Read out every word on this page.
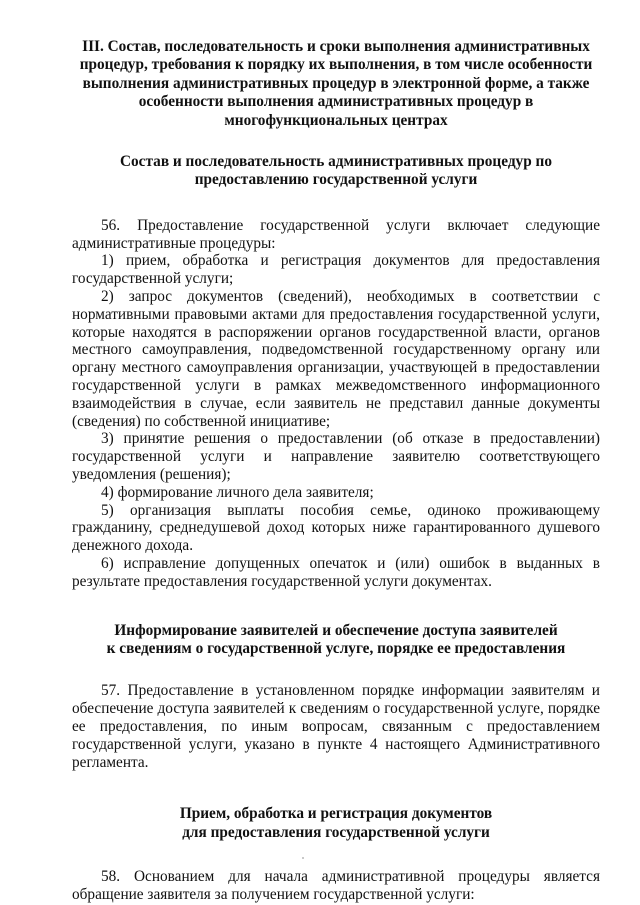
III. Состав, последовательность и сроки выполнения административных
процедур, требования к порядку их выполнения, в том числе особенности
выполнения административных процедур в электронной форме, а также
особенности выполнения административных процедур в
многофункциональных центрах
Состав и последовательность административных процедур по
предоставлению государственной услуги

56. Предоставление государственной услуги включает следующие административные процедуры:

1) прием, обработка и регистрация документов для предоставления государственной услуги;

2) запрос документов (сведений), необходимых в соответствии с нормативными правовыми актами для предоставления государственной услуги, которые находятся в распоряжении органов государственной власти, органов местного самоуправления, подведомственной государственному органу или органу местного самоуправления организации, участвующей в предоставлении государственной услуги в рамках межведомственного информационного взаимодействия в случае, если заявитель не представил данные документы (сведения) по собственной инициативе;

3) принятие решения о предоставлении (об отказе в предоставлении) государственной услуги и направление заявителю соответствующего уведомления (решения);

4) формирование личного дела заявителя;

5) организация выплаты пособия семье, одиноко проживающему гражданину, среднедушевой доход которых ниже гарантированного душевого денежного дохода.

6) исправление допущенных опечаток и (или) ошибок в выданных в результате предоставления государственной услуги документах.

Информирование заявителей и обеспечение доступа заявителей
к сведениям о государственной услуге, порядке ее предоставления

57. Предоставление в установленном порядке информации заявителям и обеспечение доступа заявителей к сведениям о государственной услуге, порядке ее предоставления, по иным вопросам, связанным с предоставлением государственной услуги, указано в пункте 4 настоящего Административного регламента.

Прием, обработка и регистрация документов
для предоставления государственной услуги

58. Основанием для начала административной процедуры является обращение заявителя за получением государственной услуги:
